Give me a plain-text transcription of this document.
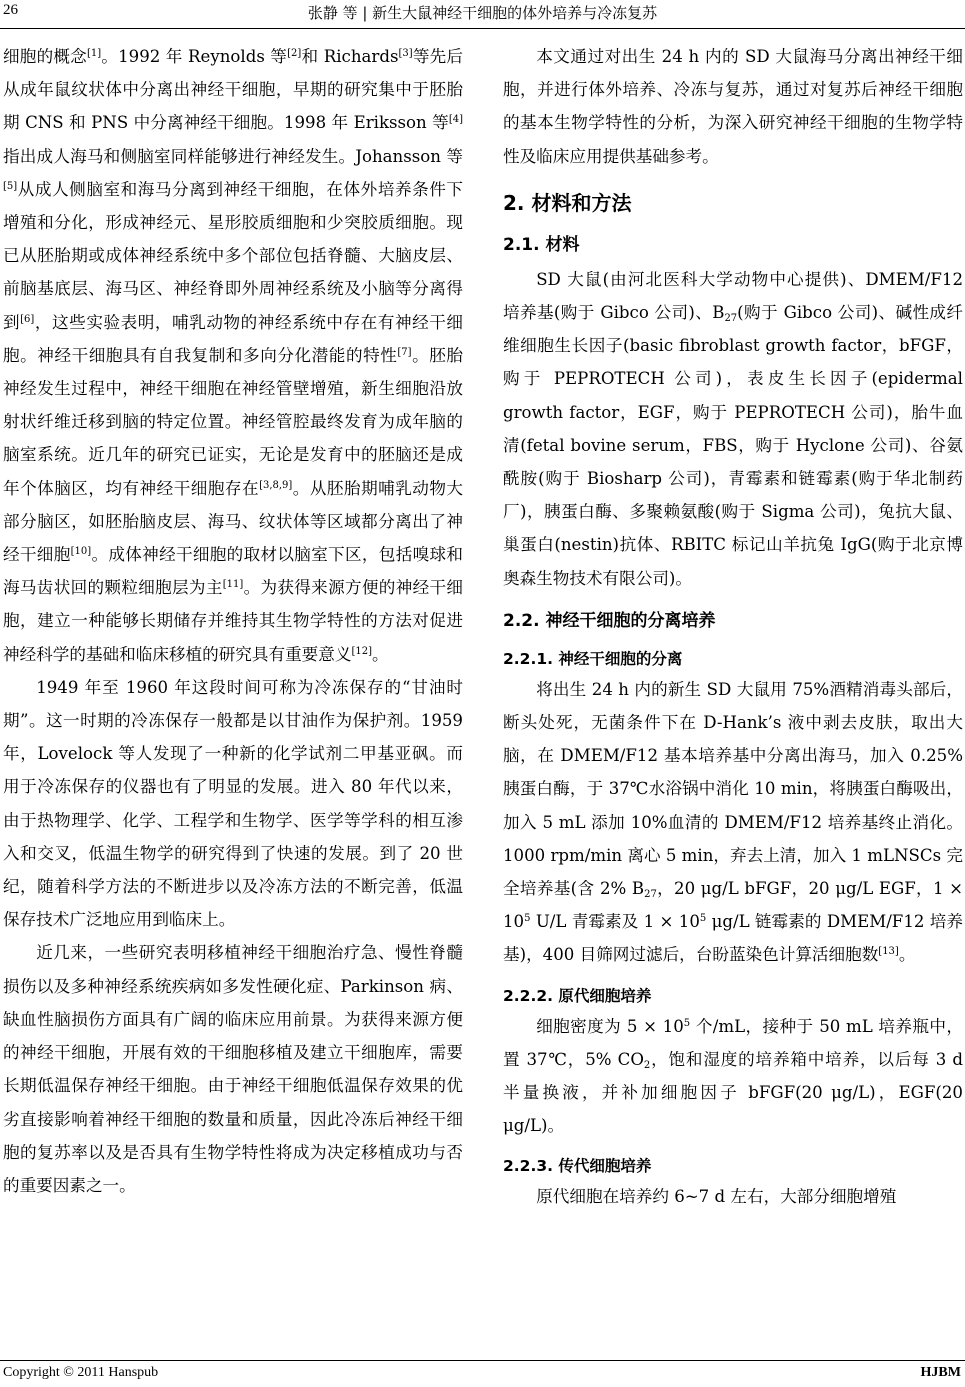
26	张静 等 | 新生大鼠神经干细胞的体外培养与冷冻复苏

细胞的概念[1]。1992 年 Reynolds 等[2]和 Richards[3]等先后从成年鼠纹状体中分离出神经干细胞，早期的研究集中于胚胎期 CNS 和 PNS 中分离神经干细胞。1998 年 Eriksson 等[4]指出成人海马和侧脑室同样能够进行神经发生。Johansson 等[5]从成人侧脑室和海马分离到神经干细胞，在体外培养条件下增殖和分化，形成神经元、星形胶质细胞和少突胶质细胞。现已从胚胎期或成体神经系统中多个部位包括脊髓、大脑皮层、前脑基底层、海马区、神经脊即外周神经系统及小脑等分离得到[6]，这些实验表明，哺乳动物的神经系统中存在有神经干细胞。神经干细胞具有自我复制和多向分化潜能的特性[7]。胚胎神经发生过程中，神经干细胞在神经管壁增殖，新生细胞沿放射状纤维迁移到脑的特定位置。神经管腔最终发育为成年脑的脑室系统。近几年的研究已证实，无论是发育中的胚脑还是成年个体脑区，均有神经干细胞存在[3,8,9]。从胚胎期哺乳动物大部分脑区，如胚胎脑皮层、海马、纹状体等区域都分离出了神经干细胞[10]。成体神经干细胞的取材以脑室下区，包括嗅球和海马齿状回的颗粒细胞层为主[11]。为获得来源方便的神经干细胞，建立一种能够长期储存并维持其生物学特性的方法对促进神经科学的基础和临床移植的研究具有重要意义[12]。

1949 年至 1960 年这段时间可称为冷冻保存的“甘油时期”。这一时期的冷冻保存一般都是以甘油作为保护剂。1959 年，Lovelock 等人发现了一种新的化学试剂二甲基亚砜。而用于冷冻保存的仪器也有了明显的发展。进入 80 年代以来，由于热物理学、化学、工程学和生物学、医学等学科的相互渗入和交叉，低温生物学的研究得到了快速的发展。到了 20 世纪，随着科学方法的不断进步以及冷冻方法的不断完善，低温保存技术广泛地应用到临床上。

近几来，一些研究表明移植神经干细胞治疗急、慢性脊髓损伤以及多种神经系统疾病如多发性硬化症、Parkinson 病、缺血性脑损伤方面具有广阔的临床应用前景。为获得来源方便的神经干细胞，开展有效的干细胞移植及建立干细胞库，需要长期低温保存神经干细胞。由于神经干细胞低温保存效果的优劣直接影响着神经干细胞的数量和质量，因此冷冻后神经干细胞的复苏率以及是否具有生物学特性将成为决定移植成功与否的重要因素之一。

本文通过对出生 24 h 内的 SD 大鼠海马分离出神经干细胞，并进行体外培养、冷冻与复苏，通过对复苏后神经干细胞的基本生物学特性的分析，为深入研究神经干细胞的生物学特性及临床应用提供基础参考。

2. 材料和方法
2.1. 材料

SD 大鼠(由河北医科大学动物中心提供)、DMEM/F12 培养基(购于 Gibco 公司)、$B_{27}$(购于 Gibco 公司)、碱性成纤维细胞生长因子(basic fibroblast growth factor，bFGF，购于 PEPROTECH 公司)，表皮生长因子(epidermal growth factor，EGF，购于 PEPROTECH 公司)，胎牛血清(fetal bovine serum，FBS，购于 Hyclone 公司)、谷氨酰胺(购于 Biosharp 公司)，青霉素和链霉素(购于华北制药厂)，胰蛋白酶、多聚赖氨酸(购于 Sigma 公司)，兔抗大鼠、巢蛋白(nestin)抗体、RBITC 标记山羊抗兔 IgG(购于北京博奥森生物技术有限公司)。

2.2. 神经干细胞的分离培养
2.2.1. 神经干细胞的分离

将出生 24 h 内的新生 SD 大鼠用 75%酒精消毒头部后，断头处死，无菌条件下在 D-Hank’s 液中剥去皮肤，取出大脑，在 DMEM/F12 基本培养基中分离出海马，加入 0.25%胰蛋白酶，于 37℃水浴锅中消化 10 min，将胰蛋白酶吸出，加入 5 mL 添加 10%血清的 DMEM/F12 培养基终止消化。1000 rpm/min 离心 5 min，弃去上清，加入 1 mLNSCs 完全培养基(含 2% $B_{27}$，20 μg/L bFGF，20 μg/L EGF，$1 \times 10^5$ U/L 青霉素及 $1 \times 10^5$ μg/L 链霉素的 DMEM/F12 培养基)，400 目筛网过滤后，台盼蓝染色计算活细胞数[13]。

2.2.2. 原代细胞培养

细胞密度为 $5 \times 10^5$ 个/mL，接种于 50 mL 培养瓶中，置 37℃，5% $CO_2$，饱和湿度的培养箱中培养，以后每 3 d 半量换液，并补加细胞因子 bFGF(20 μg/L)，EGF(20 μg/L)。

2.2.3. 传代细胞培养

原代细胞在培养约 6~7 d 左右，大部分细胞增殖

Copyright © 2011 Hanspub	HJBM
